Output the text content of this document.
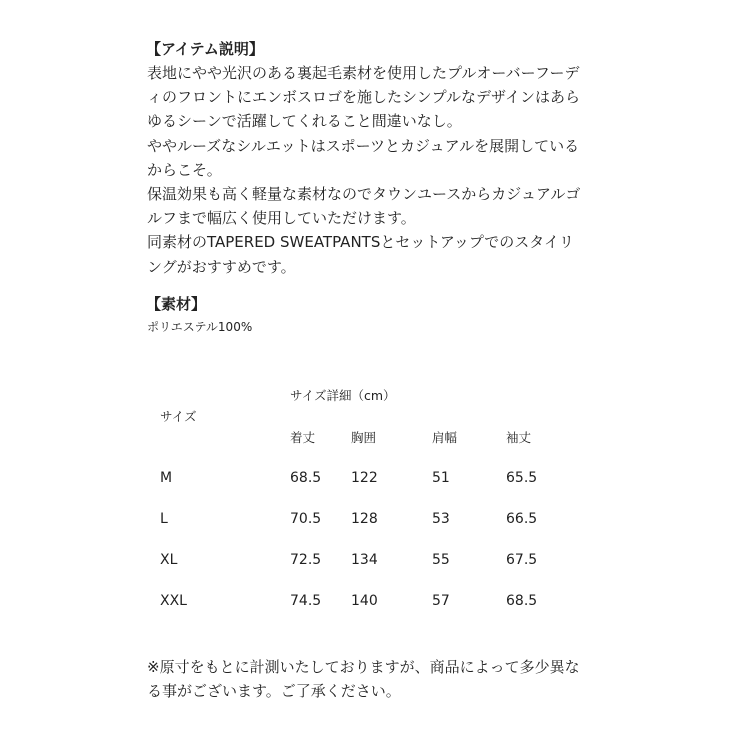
【アイテム説明】
表地にやや光沢のある裏起毛素材を使用したプルオーバーフーデ
ィのフロントにエンボスロゴを施したシンプルなデザインはあら
ゆるシーンで活躍してくれること間違いなし。
ややルーズなシルエットはスポーツとカジュアルを展開している
からこそ。
保温効果も高く軽量な素材なのでタウンユースからカジュアルゴ
ルフまで幅広く使用していただけます。
同素材のTAPERED SWEATPANTSとセットアップでのスタイリ
ングがおすすめです。
【素材】
ポリエステル100%
サイズ
サイズ詳細（cm）
着丈	胸囲	肩幅	袖丈
M	68.5 122	51	65.5
L	70.5 128	53	66.5
XL	72.5 134	55	67.5
XXL	74.5 140	57	68.5
※原寸をもとに計測いたしておりますが、商品によって多少異な
る事がございます。ご了承ください。
